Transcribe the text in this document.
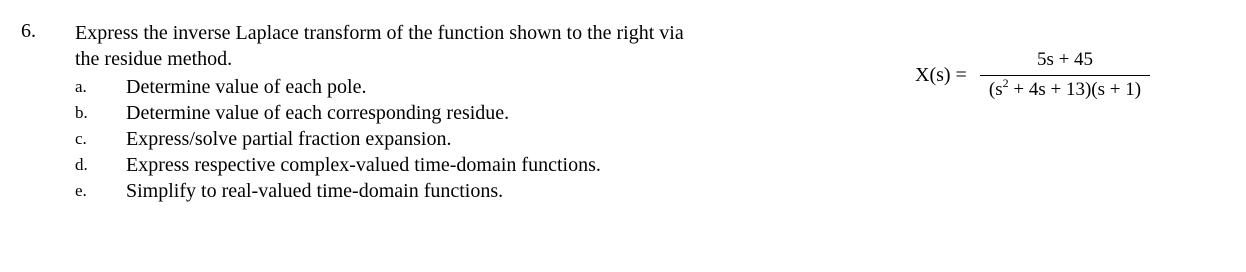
6. Express the inverse Laplace transform of the function shown to the right via
the residue method.
a. Determine value of each pole.
b. Determine value of each corresponding residue.
c. Express/solve partial fraction expansion.
d. Express respective complex-valued time-domain functions.
e. Simplify to real-valued time-domain functions.
X(s) =
5s + 45
$(s^2 + 4s + 13)(s + 1)$
